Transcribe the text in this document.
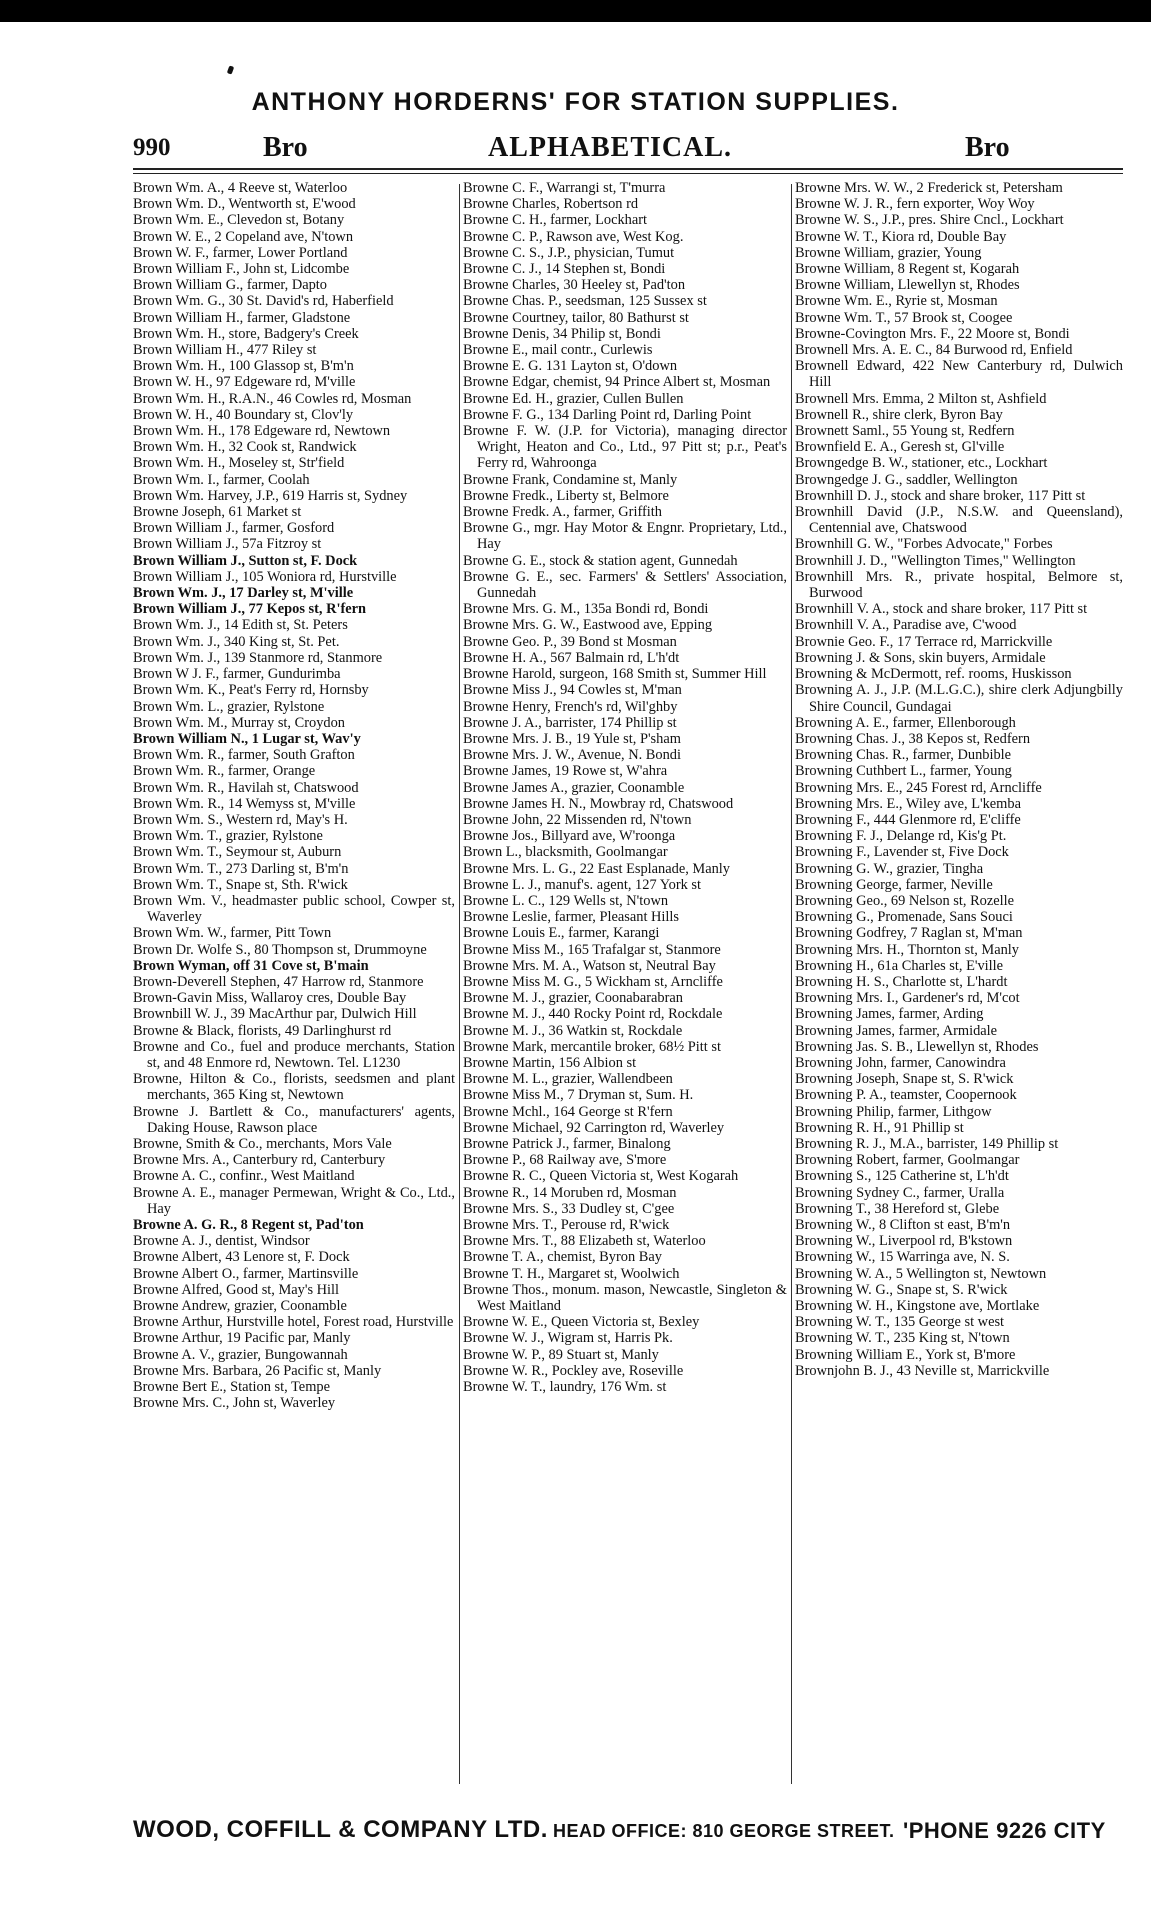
ANTHONY HORDERNS' FOR STATION SUPPLIES.
990	Bro	ALPHABETICAL.	Bro

Brown Wm. A., 4 Reeve st, Waterloo

Brown Wm. D., Wentworth st, E'wood

Brown Wm. E., Clevedon st, Botany

Brown W. E., 2 Copeland ave, N'town

Brown W. F., farmer, Lower Portland

Brown William F., John st, Lidcombe

Brown William G., farmer, Dapto

Brown Wm. G., 30 St. David's rd, Haberfield

Brown William H., farmer, Gladstone

Brown Wm. H., store, Badgery's Creek

Brown William H., 477 Riley st

Brown Wm. H., 100 Glassop st, B'm'n

Brown W. H., 97 Edgeware rd, M'ville

Brown Wm. H., R.A.N., 46 Cowles rd, Mosman

Brown W. H., 40 Boundary st, Clov'ly

Brown Wm. H., 178 Edgeware rd, Newtown

Brown Wm. H., 32 Cook st, Randwick

Brown Wm. H., Moseley st, Str'field

Brown Wm. I., farmer, Coolah

Brown Wm. Harvey, J.P., 619 Harris st, Sydney

Browne Joseph, 61 Market st

Brown William J., farmer, Gosford

Brown William J., 57a Fitzroy st

Brown William J., Sutton st, F. Dock

Brown William J., 105 Woniora rd, Hurstville

Brown Wm. J., 17 Darley st, M'ville

Brown William J., 77 Kepos st, R'fern

Brown Wm. J., 14 Edith st, St. Peters

Brown Wm. J., 340 King st, St. Pet.

Brown Wm. J., 139 Stanmore rd, Stanmore

Brown W J. F., farmer, Gundurimba

Brown Wm. K., Peat's Ferry rd, Hornsby

Brown Wm. L., grazier, Rylstone

Brown Wm. M., Murray st, Croydon

Brown William N., 1 Lugar st, Wav'y

Brown Wm. R., farmer, South Grafton

Brown Wm. R., farmer, Orange

Brown Wm. R., Havilah st, Chatswood

Brown Wm. R., 14 Wemyss st, M'ville

Brown Wm. S., Western rd, May's H.

Brown Wm. T., grazier, Rylstone

Brown Wm. T., Seymour st, Auburn

Brown Wm. T., 273 Darling st, B'm'n

Brown Wm. T., Snape st, Sth. R'wick

Brown Wm. V., headmaster public school, Cowper st, Waverley

Brown Wm. W., farmer, Pitt Town

Brown Dr. Wolfe S., 80 Thompson st, Drummoyne

Brown Wyman, off 31 Cove st, B'main

Brown-Deverell Stephen, 47 Harrow rd, Stanmore

Brown-Gavin Miss, Wallaroy cres, Double Bay

Brownbill W. J., 39 MacArthur par, Dulwich Hill

Browne & Black, florists, 49 Darlinghurst rd

Browne and Co., fuel and produce merchants, Station st, and 48 Enmore rd, Newtown. Tel. L1230

Browne, Hilton & Co., florists, seedsmen and plant merchants, 365 King st, Newtown

Browne J. Bartlett & Co., manufacturers' agents, Daking House, Rawson place

Browne, Smith & Co., merchants, Mors Vale

Browne Mrs. A., Canterbury rd, Canterbury

Browne A. C., confinr., West Maitland

Browne A. E., manager Permewan, Wright & Co., Ltd., Hay

Browne A. G. R., 8 Regent st, Pad'ton

Browne A. J., dentist, Windsor

Browne Albert, 43 Lenore st, F. Dock

Browne Albert O., farmer, Martinsville

Browne Alfred, Good st, May's Hill

Browne Andrew, grazier, Coonamble

Browne Arthur, Hurstville hotel, Forest road, Hurstville

Browne Arthur, 19 Pacific par, Manly

Browne A. V., grazier, Bungowannah

Browne Mrs. Barbara, 26 Pacific st, Manly

Browne Bert E., Station st, Tempe

Browne Mrs. C., John st, Waverley

Browne C. F., Warrangi st, T'murra

Browne Charles, Robertson rd

Browne C. H., farmer, Lockhart

Browne C. P., Rawson ave, West Kog.

Browne C. S., J.P., physician, Tumut

Browne C. J., 14 Stephen st, Bondi

Browne Charles, 30 Heeley st, Pad'ton

Browne Chas. P., seedsman, 125 Sussex st

Browne Courtney, tailor, 80 Bathurst st

Browne Denis, 34 Philip st, Bondi

Browne E., mail contr., Curlewis

Browne E. G. 131 Layton st, O'down

Browne Edgar, chemist, 94 Prince Albert st, Mosman

Browne Ed. H., grazier, Cullen Bullen

Browne F. G., 134 Darling Point rd, Darling Point

Browne F. W. (J.P. for Victoria), managing director Wright, Heaton and Co., Ltd., 97 Pitt st; p.r., Peat's Ferry rd, Wahroonga

Browne Frank, Condamine st, Manly

Browne Fredk., Liberty st, Belmore

Browne Fredk. A., farmer, Griffith

Browne G., mgr. Hay Motor & Engnr. Proprietary, Ltd., Hay

Browne G. E., stock & station agent, Gunnedah

Browne G. E., sec. Farmers' & Settlers' Association, Gunnedah

Browne Mrs. G. M., 135a Bondi rd, Bondi

Browne Mrs. G. W., Eastwood ave, Epping

Browne Geo. P., 39 Bond st Mosman

Browne H. A., 567 Balmain rd, L'h'dt

Browne Harold, surgeon, 168 Smith st, Summer Hill

Browne Miss J., 94 Cowles st, M'man

Browne Henry, French's rd, Wil'ghby

Browne J. A., barrister, 174 Phillip st

Browne Mrs. J. B., 19 Yule st, P'sham

Browne Mrs. J. W., Avenue, N. Bondi

Browne James, 19 Rowe st, W'ahra

Browne James A., grazier, Coonamble

Browne James H. N., Mowbray rd, Chatswood

Browne John, 22 Missenden rd, N'town

Browne Jos., Billyard ave, W'roonga

Brown L., blacksmith, Goolmangar

Browne Mrs. L. G., 22 East Esplanade, Manly

Browne L. J., manuf's. agent, 127 York st

Browne L. C., 129 Wells st, N'town

Browne Leslie, farmer, Pleasant Hills

Browne Louis E., farmer, Karangi

Browne Miss M., 165 Trafalgar st, Stanmore

Browne Mrs. M. A., Watson st, Neutral Bay

Browne Miss M. G., 5 Wickham st, Arncliffe

Browne M. J., grazier, Coonabarabran

Browne M. J., 440 Rocky Point rd, Rockdale

Browne M. J., 36 Watkin st, Rockdale

Browne Mark, mercantile broker, 68½ Pitt st

Browne Martin, 156 Albion st

Browne M. L., grazier, Wallendbeen

Browne Miss M., 7 Dryman st, Sum. H.

Browne Mchl., 164 George st R'fern

Browne Michael, 92 Carrington rd, Waverley

Browne Patrick J., farmer, Binalong

Browne P., 68 Railway ave, S'more

Browne R. C., Queen Victoria st, West Kogarah

Browne R., 14 Moruben rd, Mosman

Browne Mrs. S., 33 Dudley st, C'gee

Browne Mrs. T., Perouse rd, R'wick

Browne Mrs. T., 88 Elizabeth st, Waterloo

Browne T. A., chemist, Byron Bay

Browne T. H., Margaret st, Woolwich

Browne Thos., monum. mason, Newcastle, Singleton & West Maitland

Browne W. E., Queen Victoria st, Bexley

Browne W. J., Wigram st, Harris Pk.

Browne W. P., 89 Stuart st, Manly

Browne W. R., Pockley ave, Roseville

Browne W. T., laundry, 176 Wm. st

Browne Mrs. W. W., 2 Frederick st, Petersham

Browne W. J. R., fern exporter, Woy Woy

Browne W. S., J.P., pres. Shire Cncl., Lockhart

Browne W. T., Kiora rd, Double Bay

Browne William, grazier, Young

Browne William, 8 Regent st, Kogarah

Browne William, Llewellyn st, Rhodes

Browne Wm. E., Ryrie st, Mosman

Browne Wm. T., 57 Brook st, Coogee

Browne-Covington Mrs. F., 22 Moore st, Bondi

Brownell Mrs. A. E. C., 84 Burwood rd, Enfield

Brownell Edward, 422 New Canterbury rd, Dulwich Hill

Brownell Mrs. Emma, 2 Milton st, Ashfield

Brownell R., shire clerk, Byron Bay

Brownett Saml., 55 Young st, Redfern

Brownfield E. A., Geresh st, Gl'ville

Browngedge B. W., stationer, etc., Lockhart

Browngedge J. G., saddler, Wellington

Brownhill D. J., stock and share broker, 117 Pitt st

Brownhill David (J.P., N.S.W. and Queensland), Centennial ave, Chatswood

Brownhill G. W., "Forbes Advocate," Forbes

Brownhill J. D., "Wellington Times," Wellington

Brownhill Mrs. R., private hospital, Belmore st, Burwood

Brownhill V. A., stock and share broker, 117 Pitt st

Brownhill V. A., Paradise ave, C'wood

Brownie Geo. F., 17 Terrace rd, Marrickville

Browning J. & Sons, skin buyers, Armidale

Browning & McDermott, ref. rooms, Huskisson

Browning A. J., J.P. (M.L.G.C.), shire clerk Adjungbilly Shire Council, Gundagai

Browning A. E., farmer, Ellenborough

Browning Chas. J., 38 Kepos st, Redfern

Browning Chas. R., farmer, Dunbible

Browning Cuthbert L., farmer, Young

Browning Mrs. E., 245 Forest rd, Arncliffe

Browning Mrs. E., Wiley ave, L'kemba

Browning F., 444 Glenmore rd, E'cliffe

Browning F. J., Delange rd, Kis'g Pt.

Browning F., Lavender st, Five Dock

Browning G. W., grazier, Tingha

Browning George, farmer, Neville

Browning Geo., 69 Nelson st, Rozelle

Browning G., Promenade, Sans Souci

Browning Godfrey, 7 Raglan st, M'man

Browning Mrs. H., Thornton st, Manly

Browning H., 61a Charles st, E'ville

Browning H. S., Charlotte st, L'hardt

Browning Mrs. I., Gardener's rd, M'cot

Browning James, farmer, Arding

Browning James, farmer, Armidale

Browning Jas. S. B., Llewellyn st, Rhodes

Browning John, farmer, Canowindra

Browning Joseph, Snape st, S. R'wick

Browning P. A., teamster, Coopernook

Browning Philip, farmer, Lithgow

Browning R. H., 91 Phillip st

Browning R. J., M.A., barrister, 149 Phillip st

Browning Robert, farmer, Goolmangar

Browning S., 125 Catherine st, L'h'dt

Browning Sydney C., farmer, Uralla

Browning T., 38 Hereford st, Glebe

Browning W., 8 Clifton st east, B'm'n

Browning W., Liverpool rd, B'kstown

Browning W., 15 Warringa ave, N. S.

Browning W. A., 5 Wellington st, Newtown

Browning W. G., Snape st, S. R'wick

Browning W. H., Kingstone ave, Mortlake

Browning W. T., 135 George st west

Browning W. T., 235 King st, N'town

Browning William E., York st, B'more

Brownjohn B. J., 43 Neville st, Marrickville

WOOD, COFFILL & COMPANY LTD. HEAD OFFICE: 810 GEORGE STREET. 'PHONE 9226 CITY
